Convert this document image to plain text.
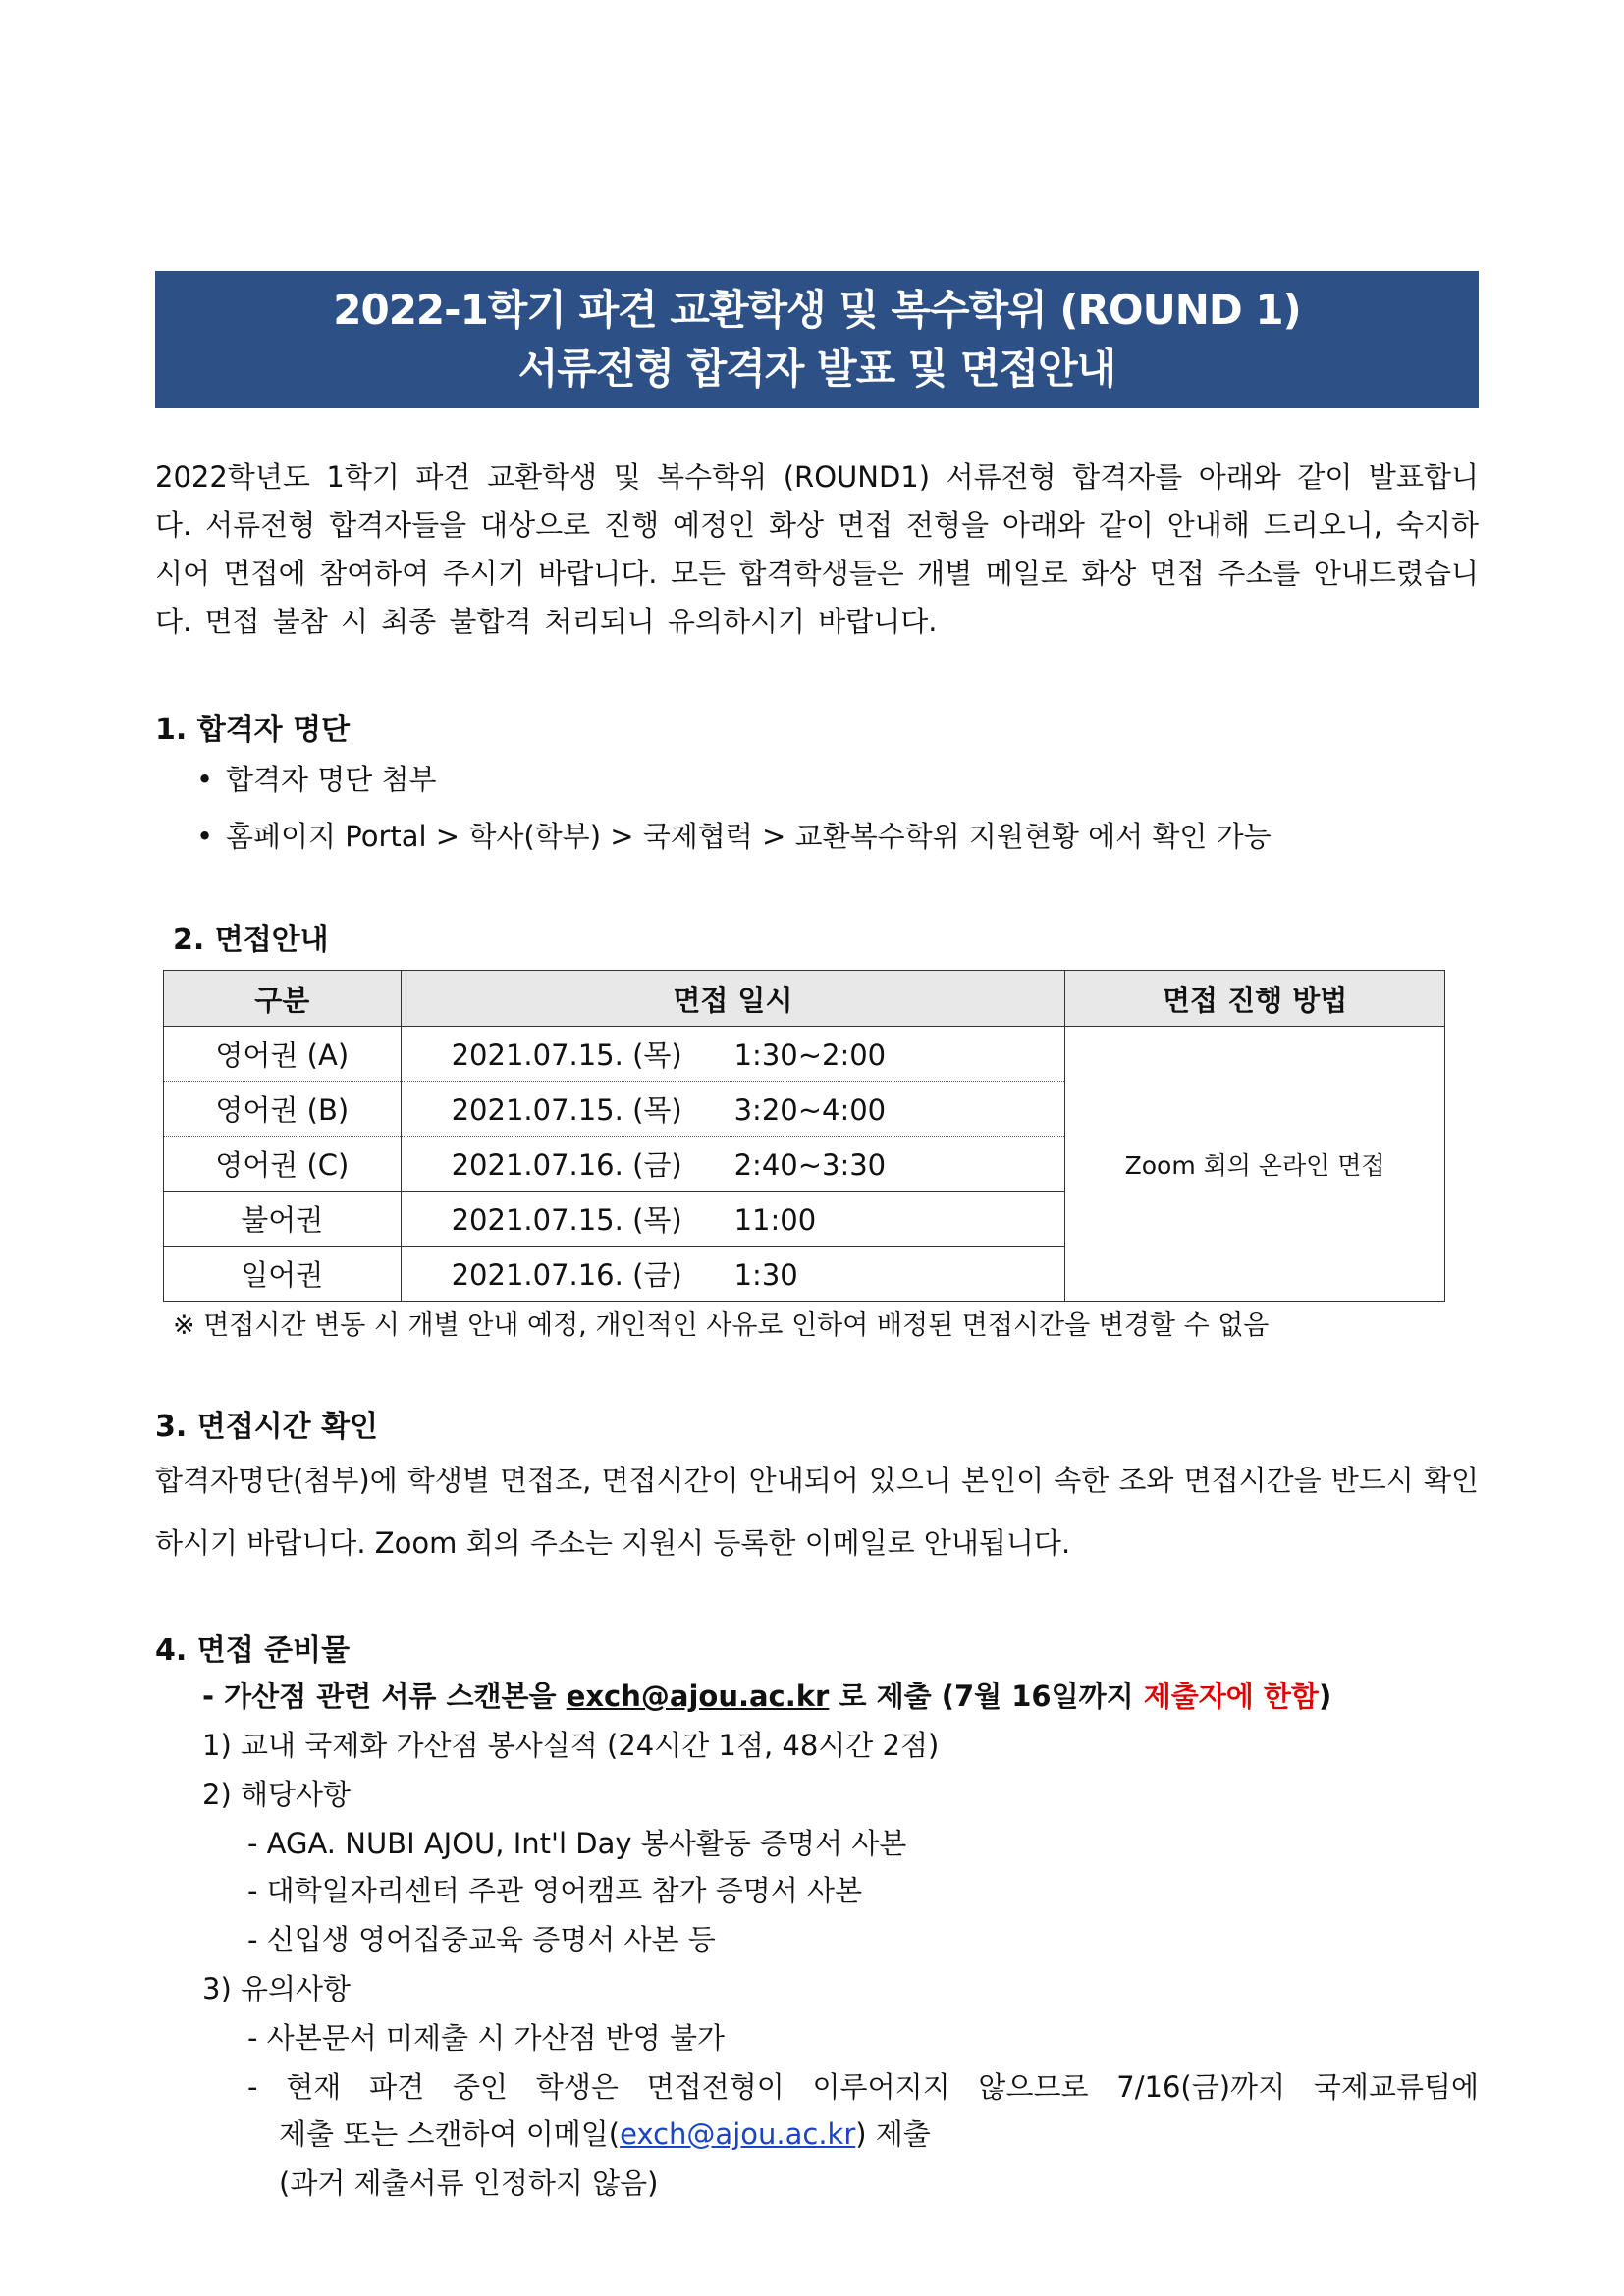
2022-1학기 파견 교환학생 및 복수학위 (ROUND 1)
서류전형 합격자 발표 및 면접안내
2022학년도 1학기 파견 교환학생 및 복수학위 (ROUND1) 서류전형 합격자를 아래와 같이 발표합니다. 서류전형 합격자들을 대상으로 진행 예정인 화상 면접 전형을 아래와 같이 안내해 드리오니, 숙지하시어 면접에 참여하여 주시기 바랍니다. 모든 합격학생들은 개별 메일로 화상 면접 주소를 안내드렸습니다. 면접 불참 시 최종 불합격 처리되니 유의하시기 바랍니다.
1. 합격자 명단
• 합격자 명단 첨부
• 홈페이지 Portal > 학사(학부) > 국제협력 > 교환복수학위 지원현황 에서 확인 가능
2. 면접안내
구분	면접 일시	면접 진행 방법
영어권 (A)	2021.07.15. (목) 1:30~2:00	Zoom 회의 온라인 면접
영어권 (B)	2021.07.15. (목) 3:20~4:00	
영어권 (C)	2021.07.16. (금) 2:40~3:30	
불어권	2021.07.15. (목) 11:00	
일어권	2021.07.16. (금) 1:30	
※ 면접시간 변동 시 개별 안내 예정, 개인적인 사유로 인하여 배정된 면접시간을 변경할 수 없음
3. 면접시간 확인
합격자명단(첨부)에 학생별 면접조, 면접시간이 안내되어 있으니 본인이 속한 조와 면접시간을 반드시 확인하시기 바랍니다. Zoom 회의 주소는 지원시 등록한 이메일로 안내됩니다.
4. 면접 준비물
- 가산점 관련 서류 스캔본을 exch@ajou.ac.kr 로 제출 (7월 16일까지 제출자에 한함)
1) 교내 국제화 가산점 봉사실적 (24시간 1점, 48시간 2점)
2) 해당사항
- AGA. NUBI AJOU, Int'l Day 봉사활동 증명서 사본
- 대학일자리센터 주관 영어캠프 참가 증명서 사본
- 신입생 영어집중교육 증명서 사본 등
3) 유의사항
- 사본문서 미제출 시 가산점 반영 불가
- 현재 파견 중인 학생은 면접전형이 이루어지지 않으므로 7/16(금)까지 국제교류팀에
제출 또는 스캔하여 이메일(exch@ajou.ac.kr) 제출
(과거 제출서류 인정하지 않음)
